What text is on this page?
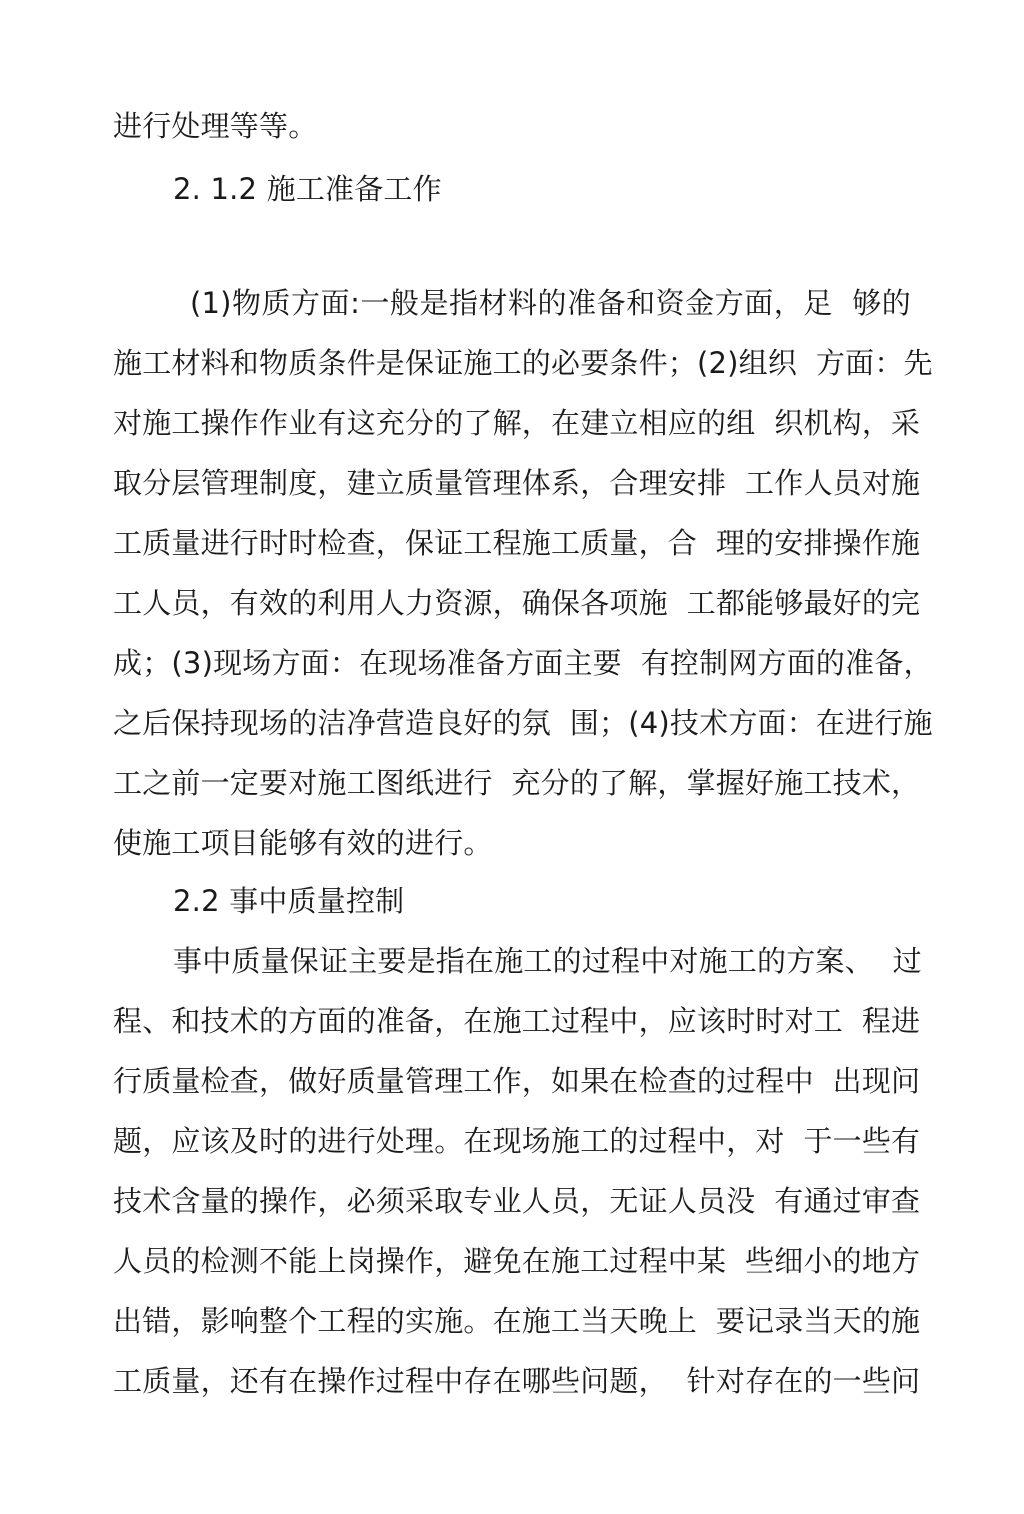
进行处理等等。
2. 1.2 施工准备工作
(1)物质方面:一般是指材料的准备和资金方面，足  够的
施工材料和物质条件是保证施工的必要条件；(2)组织  方面：先
对施工操作作业有这充分的了解，在建立相应的组  织机构，采
取分层管理制度，建立质量管理体系，合理安排  工作人员对施
工质量进行时时检查，保证工程施工质量，合  理的安排操作施
工人员，有效的利用人力资源，确保各项施  工都能够最好的完
成；(3)现场方面：在现场准备方面主要  有控制网方面的准备，
之后保持现场的洁净营造良好的氛  围；(4)技术方面：在进行施
工之前一定要对施工图纸进行  充分的了解，掌握好施工技术，
使施工项目能够有效的进行。
2.2 事中质量控制
事中质量保证主要是指在施工的过程中对施工的方案、  过
程、和技术的方面的准备，在施工过程中，应该时时对工  程进
行质量检查，做好质量管理工作，如果在检查的过程中  出现问
题，应该及时的进行处理。在现场施工的过程中，对  于一些有
技术含量的操作，必须采取专业人员，无证人员没  有通过审查
人员的检测不能上岗操作，避免在施工过程中某  些细小的地方
出错，影响整个工程的实施。在施工当天晚上  要记录当天的施
工质量，还有在操作过程中存在哪些问题，  针对存在的一些问
